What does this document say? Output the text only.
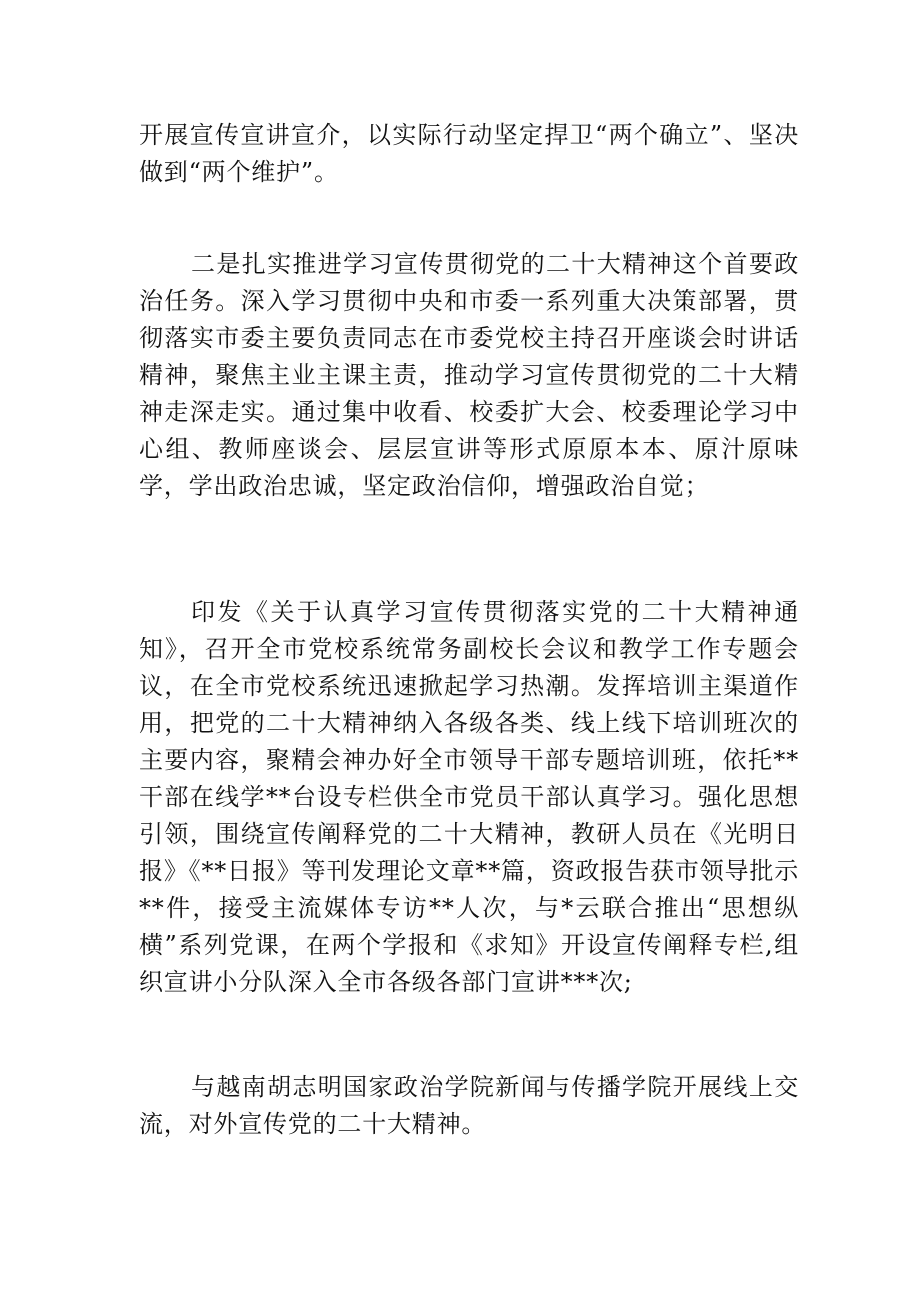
开展宣传宣讲宣介，以实际行动坚定捍卫“两个确立”、坚决做到“两个维护”。

二是扎实推进学习宣传贯彻党的二十大精神这个首要政治任务。深入学习贯彻中央和市委一系列重大决策部署，贯彻落实市委主要负责同志在市委党校主持召开座谈会时讲话精神，聚焦主业主课主责，推动学习宣传贯彻党的二十大精神走深走实。通过集中收看、校委扩大会、校委理论学习中心组、教师座谈会、层层宣讲等形式原原本本、原汁原味学，学出政治忠诚，坚定政治信仰，增强政治自觉；

印发《关于认真学习宣传贯彻落实党的二十大精神通知》，召开全市党校系统常务副校长会议和教学工作专题会议，在全市党校系统迅速掀起学习热潮。发挥培训主渠道作用，把党的二十大精神纳入各级各类、线上线下培训班次的主要内容，聚精会神办好全市领导干部专题培训班，依托**干部在线学**台设专栏供全市党员干部认真学习。强化思想引领，围绕宣传阐释党的二十大精神，教研人员在《光明日报》《**日报》等刊发理论文章**篇，资政报告获市领导批示**件，接受主流媒体专访**人次，与*云联合推出“思想纵横”系列党课，在两个学报和《求知》开设宣传阐释专栏,组织宣讲小分队深入全市各级各部门宣讲***次;

与越南胡志明国家政治学院新闻与传播学院开展线上交流，对外宣传党的二十大精神。
